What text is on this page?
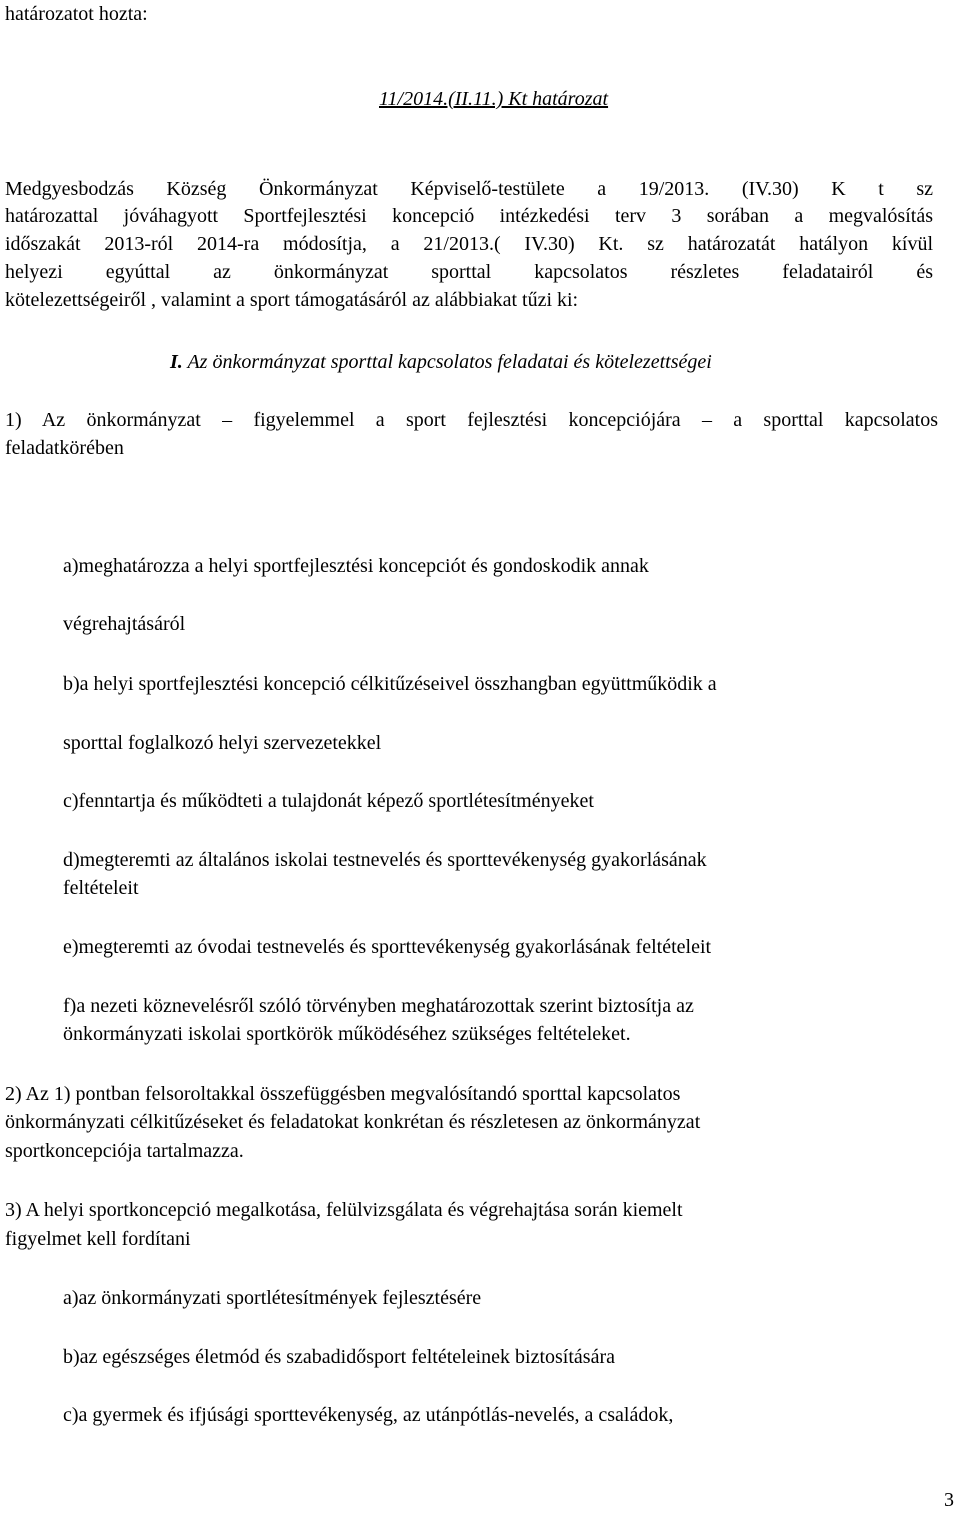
határozatot hozta:
11/2014.(II.11.) Kt határozat
Medgyesbodzás Község Önkormányzat Képviselő-testülete a 19/2013. (IV.30) K t sz
határozattal jóváhagyott Sportfejlesztési koncepció intézkedési terv 3 sorában a megvalósítás
időszakát 2013-ról 2014-ra módosítja, a 21/2013.( IV.30) Kt. sz határozatát hatályon kívül
helyezi egyúttal az önkormányzat sporttal kapcsolatos részletes feladatairól és
kötelezettségeiről , valamint a sport támogatásáról az alábbiakat tűzi ki:
I. Az önkormányzat sporttal kapcsolatos feladatai és kötelezettségei
1) Az önkormányzat – figyelemmel a sport fejlesztési koncepciójára – a sporttal kapcsolatos
feladatkörében
a)meghatározza a helyi sportfejlesztési koncepciót és gondoskodik annak
végrehajtásáról
b)a helyi sportfejlesztési koncepció célkitűzéseivel összhangban együttműködik a
sporttal foglalkozó helyi szervezetekkel
c)fenntartja és működteti a tulajdonát képező sportlétesítményeket
d)megteremti az általános iskolai testnevelés és sporttevékenység gyakorlásának
feltételeit
e)megteremti az óvodai testnevelés és sporttevékenység gyakorlásának feltételeit
f)a nezeti köznevelésről szóló törvényben meghatározottak szerint biztosítja az
önkormányzati iskolai sportkörök működéséhez szükséges feltételeket.
2) Az 1) pontban felsoroltakkal összefüggésben megvalósítandó sporttal kapcsolatos
önkormányzati célkitűzéseket és feladatokat konkrétan és részletesen az önkormányzat
sportkoncepciója tartalmazza.
3) A helyi sportkoncepció megalkotása, felülvizsgálata és végrehajtása során kiemelt
figyelmet kell fordítani
a)az önkormányzati sportlétesítmények fejlesztésére
b)az egészséges életmód és szabadidősport feltételeinek biztosítására
c)a gyermek és ifjúsági sporttevékenység, az utánpótlás-nevelés, a családok,
3
